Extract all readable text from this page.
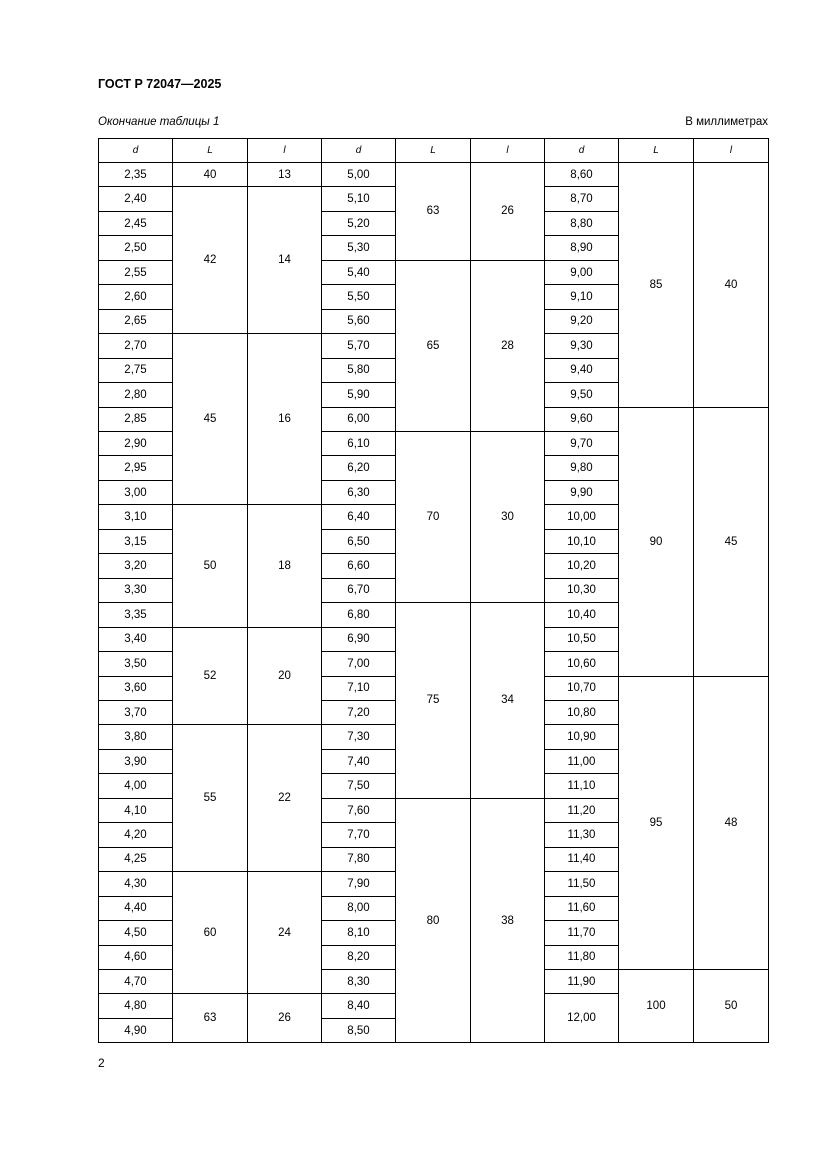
ГОСТ Р 72047—2025
Окончание таблицы 1	В миллиметрах
d	L	l	d	L	l	d	L	l
2,35	40	13	5,00	63	26	8,60	85	40
2,40	42	14	5,10			8,70		
2,45			5,20			8,80		
2,50			5,30			8,90		
2,55			5,40	65	28	9,00		
2,60			5,50			9,10		
2,65			5,60			9,20		
2,70	45	16	5,70			9,30		
2,75			5,80			9,40		
2,80			5,90			9,50		
2,85			6,00			9,60	90	45
2,90			6,10	70	30	9,70		
2,95			6,20			9,80		
3,00			6,30			9,90		
3,10	50	18	6,40			10,00		
3,15			6,50			10,10		
3,20			6,60			10,20		
3,30			6,70			10,30		
3,35			6,80	75	34	10,40		
3,40	52	20	6,90			10,50		
3,50			7,00			10,60		
3,60			7,10			10,70	95	48
3,70			7,20			10,80		
3,80	55	22	7,30			10,90		
3,90			7,40			11,00		
4,00			7,50			11,10		
4,10			7,60	80	38	11,20		
4,20			7,70			11,30		
4,25			7,80			11,40		
4,30	60	24	7,90			11,50		
4,40			8,00			11,60		
4,50			8,10			11,70		
4,60			8,20			11,80		
4,70			8,30			11,90	100	50
4,80	63	26	8,40			12,00		
4,90			8,50					
2
